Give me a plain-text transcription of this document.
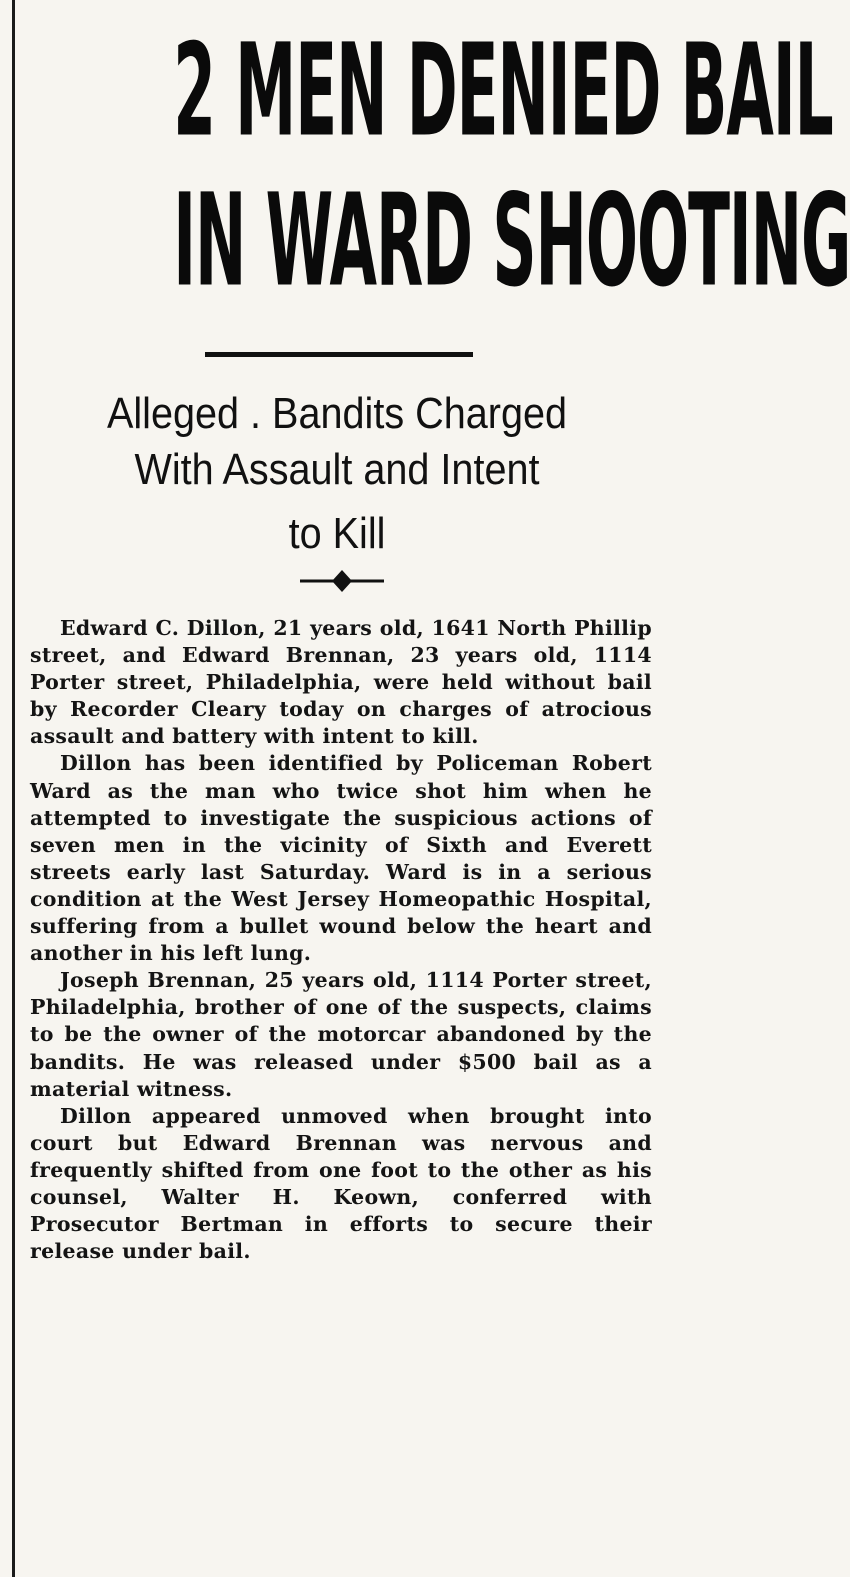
2 MEN DENIED BAIL
IN WARD SHOOTING
Alleged . Bandits Charged
With Assault and Intent
to Kill

Edward C. Dillon, 21 years old, 1641 North Phillip street, and Edward Brennan, 23 years old, 1114 Porter street, Philadelphia, were held without bail by Recorder Cleary today on charges of atrocious assault and battery with intent to kill.

Dillon has been identified by Policeman Robert Ward as the man who twice shot him when he attempted to investigate the suspicious actions of seven men in the vicinity of Sixth and Everett streets early last Saturday. Ward is in a serious condition at the West Jersey Homeopathic Hospital, suffering from a bullet wound below the heart and another in his left lung.

Joseph Brennan, 25 years old, 1114 Porter street, Philadelphia, brother of one of the suspects, claims to be the owner of the motorcar abandoned by the bandits. He was released under $500 bail as a material witness.

Dillon appeared unmoved when brought into court but Edward Brennan was nervous and frequently shifted from one foot to the other as his counsel, Walter H. Keown, conferred with Prosecutor Bertman in efforts to secure their release under bail.
